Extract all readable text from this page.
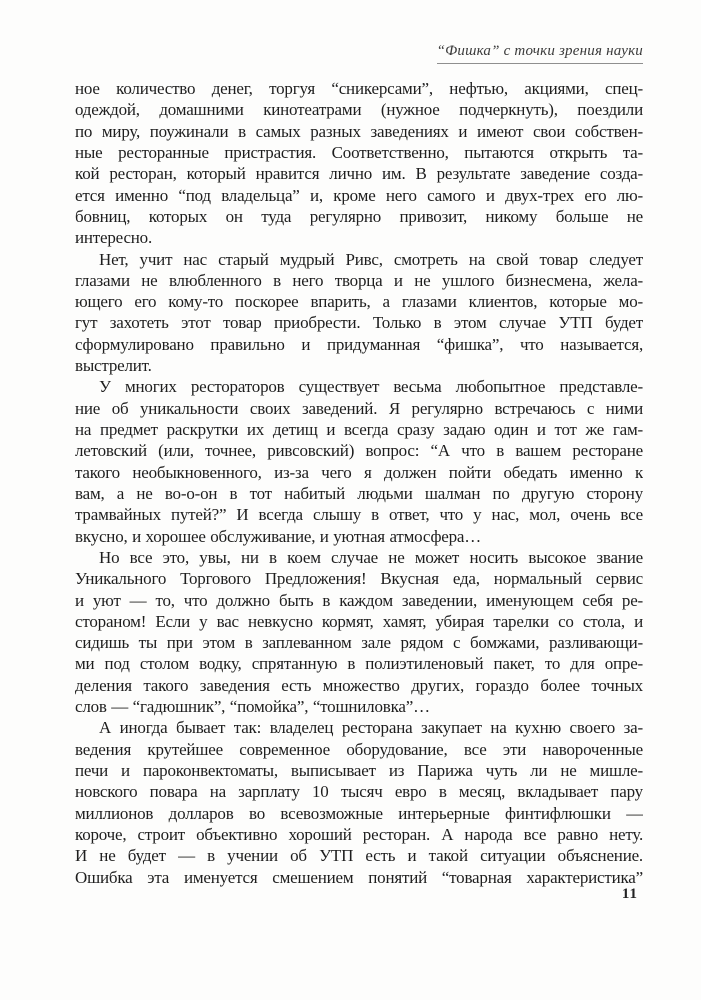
“Фишка” с точки зрения науки

ное количество денег, торгуя “сникерсами”, нефтью, акциями, спец-
одеждой, домашними кинотеатрами (нужное подчеркнуть), поездили
по миру, поужинали в самых разных заведениях и имеют свои собствен-
ные ресторанные пристрастия. Соответственно, пытаются открыть та-
кой ресторан, который нравится лично им. В результате заведение созда-
ется именно “под владельца” и, кроме него самого и двух-трех его лю-
бовниц, которых он туда регулярно привозит, никому больше не
интересно.

Нет, учит нас старый мудрый Ривс, смотреть на свой товар следует
глазами не влюбленного в него творца и не ушлого бизнесмена, жела-
ющего его кому-то поскорее впарить, а глазами клиентов, которые мо-
гут захотеть этот товар приобрести. Только в этом случае УТП будет
сформулировано правильно и придуманная “фишка”, что называется,
выстрелит.

У многих рестораторов существует весьма любопытное представле-
ние об уникальности своих заведений. Я регулярно встречаюсь с ними
на предмет раскрутки их детищ и всегда сразу задаю один и тот же гам-
летовский (или, точнее, ривсовский) вопрос: “А что в вашем ресторане
такого необыкновенного, из-за чего я должен пойти обедать именно к
вам, а не во-о-он в тот набитый людьми шалман по другую сторону
трамвайных путей?” И всегда слышу в ответ, что у нас, мол, очень все
вкусно, и хорошее обслуживание, и уютная атмосфера…

Но все это, увы, ни в коем случае не может носить высокое звание
Уникального Торгового Предложения! Вкусная еда, нормальный сервис
и уют — то, что должно быть в каждом заведении, именующем себя ре-
стораном! Если у вас невкусно кормят, хамят, убирая тарелки со стола, и
сидишь ты при этом в заплеванном зале рядом с бомжами, разливающи-
ми под столом водку, спрятанную в полиэтиленовый пакет, то для опре-
деления такого заведения есть множество других, гораздо более точных
слов — “гадюшник”, “помойка”, “тошниловка”…

А иногда бывает так: владелец ресторана закупает на кухню своего за-
ведения крутейшее современное оборудование, все эти навороченные
печи и пароконвектоматы, выписывает из Парижа чуть ли не мишле-
новского повара на зарплату 10 тысяч евро в месяц, вкладывает пару
миллионов долларов во всевозможные интерьерные финтифлюшки —
короче, строит объективно хороший ресторан. А народа все равно нету.
И не будет — в учении об УТП есть и такой ситуации объяснение.
Ошибка эта именуется смешением понятий “товарная характеристика”

11
